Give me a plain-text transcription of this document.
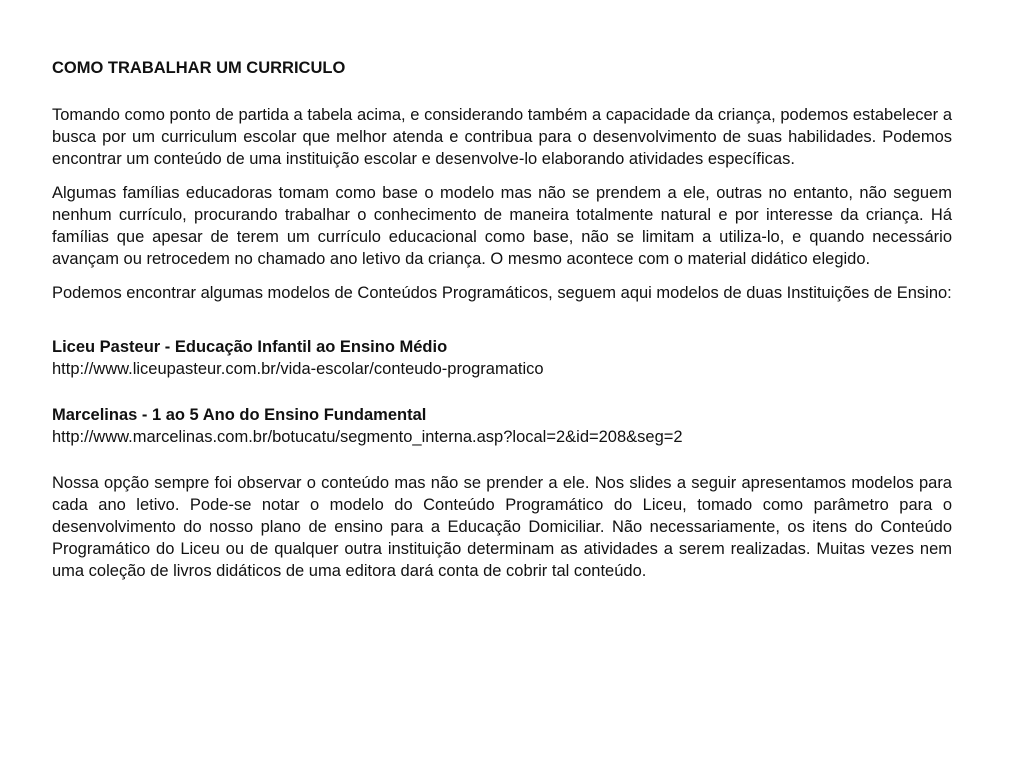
COMO TRABALHAR UM CURRICULO

Tomando como ponto de partida a tabela acima, e considerando também a capacidade da criança, podemos estabelecer a busca por um curriculum escolar que melhor atenda e contribua para o desenvolvimento de suas habilidades. Podemos encontrar um conteúdo de uma instituição escolar e desenvolve-lo elaborando atividades específicas.

Algumas famílias educadoras tomam como base o modelo mas não se prendem a ele, outras no entanto, não seguem nenhum currículo, procurando trabalhar o conhecimento de maneira totalmente natural e por interesse da criança. Há famílias que apesar de terem um currículo educacional como base, não se limitam a utiliza-lo, e quando necessário avançam ou retrocedem no chamado ano letivo da criança. O mesmo acontece com o material didático elegido.

Podemos encontrar algumas modelos de Conteúdos Programáticos, seguem aqui modelos de duas Instituições de Ensino:

Liceu Pasteur - Educação Infantil ao Ensino Médio
http://www.liceupasteur.com.br/vida-escolar/conteudo-programatico
Marcelinas - 1 ao 5 Ano do Ensino Fundamental
http://www.marcelinas.com.br/botucatu/segmento_interna.asp?local=2&id=208&seg=2

Nossa opção sempre foi observar o conteúdo mas não se prender a ele. Nos slides a seguir apresentamos modelos para cada ano letivo. Pode-se notar o modelo do Conteúdo Programático do Liceu, tomado como parâmetro para o desenvolvimento do nosso plano de ensino para a Educação Domiciliar. Não necessariamente, os itens do Conteúdo Programático do Liceu ou de qualquer outra instituição determinam as atividades a serem realizadas. Muitas vezes nem uma coleção de livros didáticos de uma editora dará conta de cobrir tal conteúdo.
